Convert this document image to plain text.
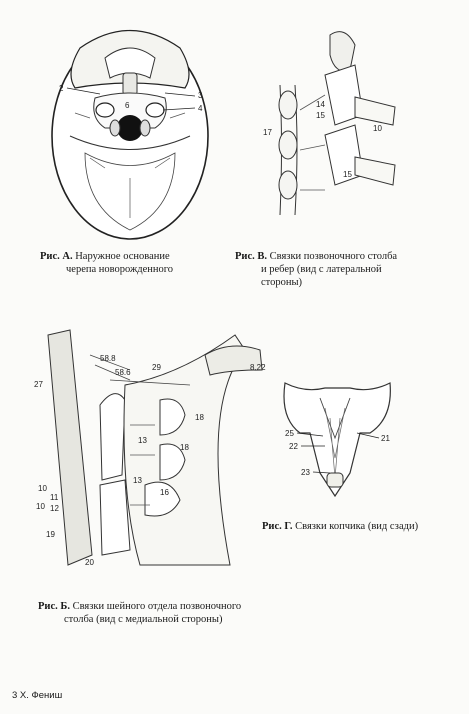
2
3
4
6
Рис. А. Наружное основание
черепа новорожденного
14
15
17	10
15
Рис. В. Связки позвоночного столба
и ребер (вид с латеральной
стороны)
58.8
58.6
27
29	8.22
18
13
18
13
16
10
11
10 12
19
20
Рис. Б. Связки шейного отдела позвоночного
столба (вид с медиальной стороны)
25
22
21
23
Рис. Г. Связки копчика (вид сзади)
3 Х. Фениш
